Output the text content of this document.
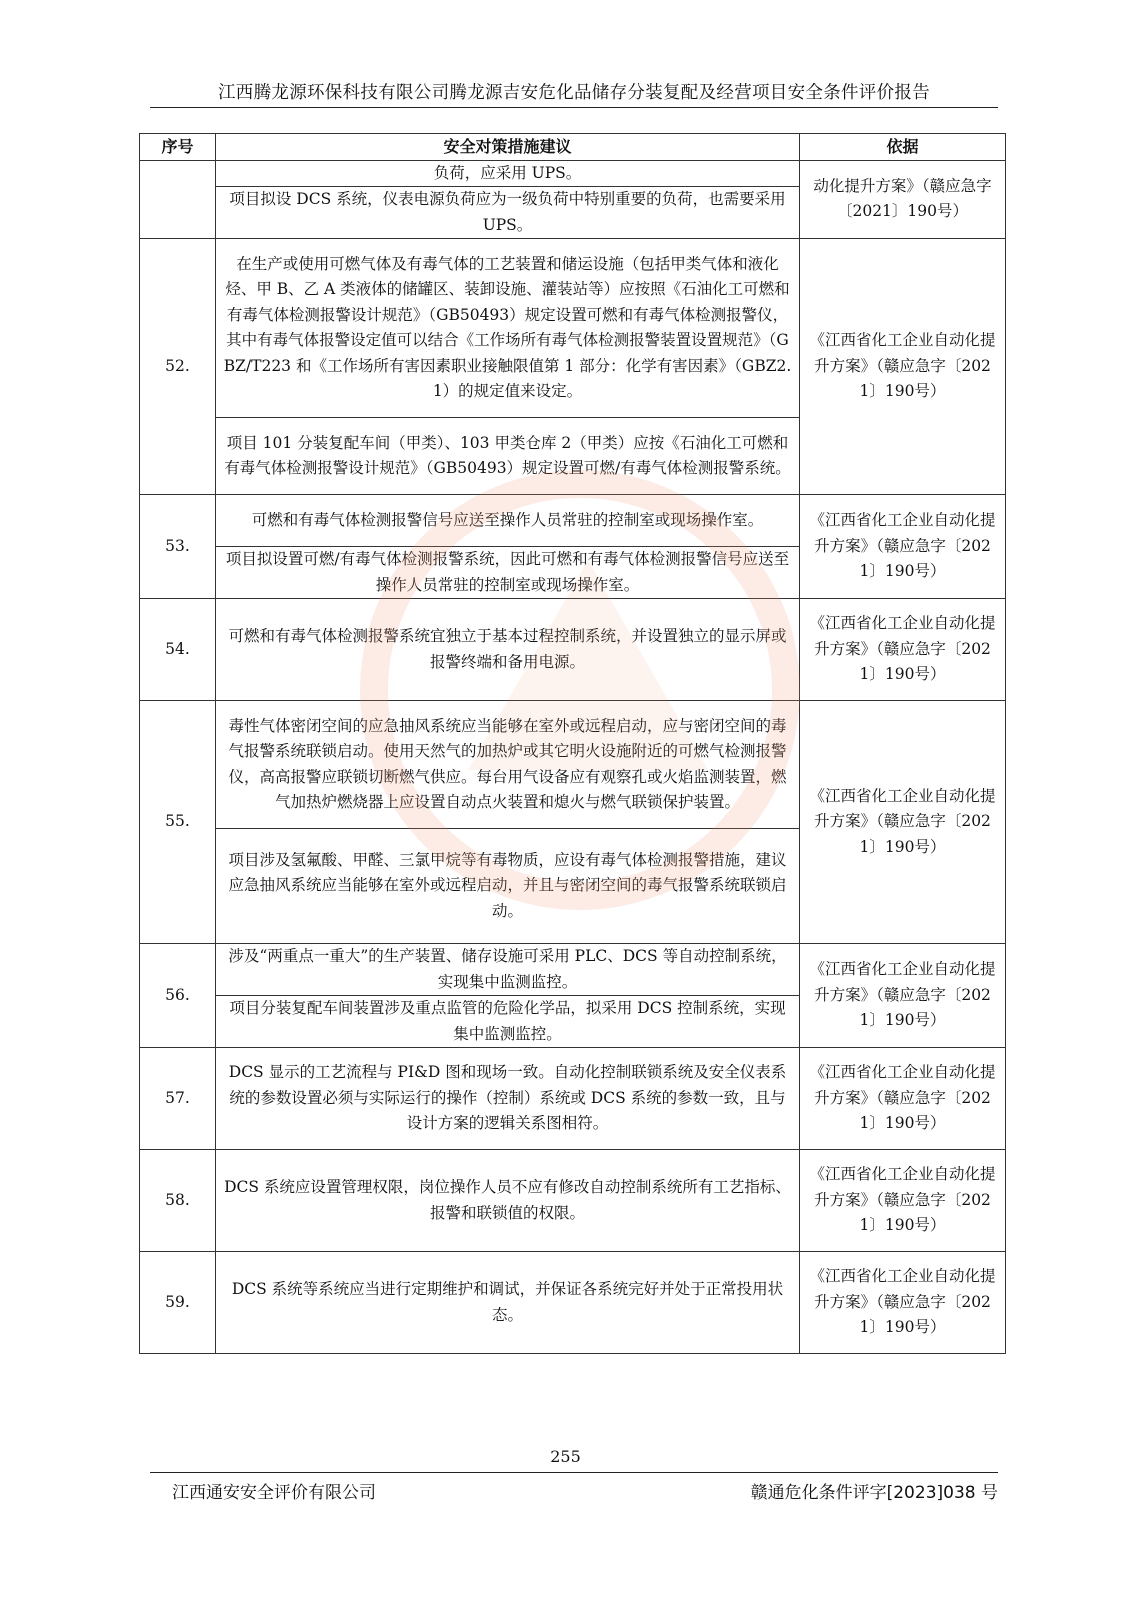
江西腾龙源环保科技有限公司腾龙源吉安危化品储存分装复配及经营项目安全条件评价报告
序号	安全对策措施建议	依据
	负荷，应采用 UPS。	动化提升方案》（赣应急字〔2021〕190号）
	项目拟设 DCS 系统，仪表电源负荷应为一级负荷中特别重要的负荷，也需要采用 UPS。	
52.	在生产或使用可燃气体及有毒气体的工艺装置和储运设施（包括甲类气体和液化烃、甲 B、乙 A 类液体的储罐区、装卸设施、灌装站等）应按照《石油化工可燃和有毒气体检测报警设计规范》（GB50493）规定设置可燃和有毒气体检测报警仪，其中有毒气体报警设定值可以结合《工作场所有毒气体检测报警装置设置规范》（GBZ/T223 和《工作场所有害因素职业接触限值第 1 部分：化学有害因素》（GBZ2.1）的规定值来设定。	《江西省化工企业自动化提升方案》（赣应急字〔2021〕190号）
	项目 101 分装复配车间（甲类）、103 甲类仓库 2（甲类）应按《石油化工可燃和有毒气体检测报警设计规范》（GB50493）规定设置可燃/有毒气体检测报警系统。	
53.	可燃和有毒气体检测报警信号应送至操作人员常驻的控制室或现场操作室。	《江西省化工企业自动化提升方案》（赣应急字〔2021〕190号）
	项目拟设置可燃/有毒气体检测报警系统，因此可燃和有毒气体检测报警信号应送至操作人员常驻的控制室或现场操作室。	
54.	可燃和有毒气体检测报警系统宜独立于基本过程控制系统，并设置独立的显示屏或报警终端和备用电源。	《江西省化工企业自动化提升方案》（赣应急字〔2021〕190号）
55.	毒性气体密闭空间的应急抽风系统应当能够在室外或远程启动，应与密闭空间的毒气报警系统联锁启动。使用天然气的加热炉或其它明火设施附近的可燃气检测报警仪，高高报警应联锁切断燃气供应。每台用气设备应有观察孔或火焰监测装置，燃气加热炉燃烧器上应设置自动点火装置和熄火与燃气联锁保护装置。	《江西省化工企业自动化提升方案》（赣应急字〔2021〕190号）
	项目涉及氢氟酸、甲醛、三氯甲烷等有毒物质，应设有毒气体检测报警措施，建议应急抽风系统应当能够在室外或远程启动，并且与密闭空间的毒气报警系统联锁启动。	
56.	涉及“两重点一重大”的生产装置、储存设施可采用 PLC、DCS 等自动控制系统，实现集中监测监控。	《江西省化工企业自动化提升方案》（赣应急字〔2021〕190号）
	项目分装复配车间装置涉及重点监管的危险化学品，拟采用 DCS 控制系统，实现集中监测监控。	
57.	DCS 显示的工艺流程与 PI&D 图和现场一致。自动化控制联锁系统及安全仪表系统的参数设置必须与实际运行的操作（控制）系统或 DCS 系统的参数一致，且与设计方案的逻辑关系图相符。	《江西省化工企业自动化提升方案》（赣应急字〔2021〕190号）
58.	DCS 系统应设置管理权限，岗位操作人员不应有修改自动控制系统所有工艺指标、报警和联锁值的权限。	《江西省化工企业自动化提升方案》（赣应急字〔2021〕190号）
59.	DCS 系统等系统应当进行定期维护和调试，并保证各系统完好并处于正常投用状态。	《江西省化工企业自动化提升方案》（赣应急字〔2021〕190号）
255
江西通安安全评价有限公司	赣通危化条件评字[2023]038 号
